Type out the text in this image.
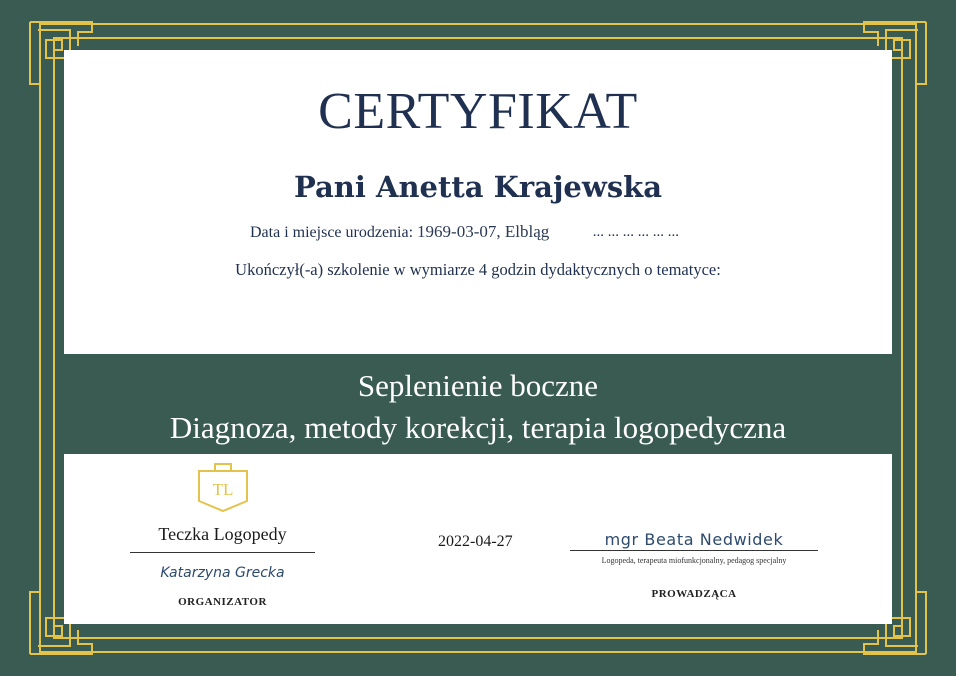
CERTYFIKAT
Pani Anetta Krajewska
Data i miejsce urodzenia: 1969-03-07, Elbląg ... .
Ukończył(-a) szkolenie w wymiarze 4 godzin dydaktycznych o tematyce:
Seplenienie boczne
Diagnoza, metody korekcji, terapia logopedyczna
TL
Teczka Logopedy
Katarzyna Grecka
ORGANIZATOR
2022-04-27	mgr Beata Nedwidek
Logopeda, terapeuta miofunkcjonalny, pedagog specjalny
PROWADZĄCA
